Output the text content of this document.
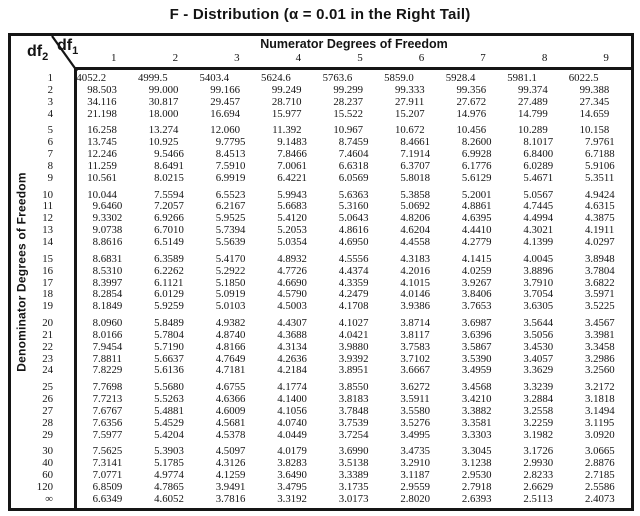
F - Distribution (α = 0.01 in the Right Tail)
Denominator Degrees of Freedom
$df_2$
$df_1$
Numerator Degrees of Freedom
1	2	3	4	5	6	7	8	9
1	4052 .2	4999 .5	5403 .4	5624 .6	5763 .6	5859 .0	5928 .4	5981 .1	6022 .5
2	98 .503	99 .000	99 .166	99 .249	99 .299	99 .333	99 .356	99 .374	99 .388
3	34 .116	30 .817	29 .457	28 .710	28 .237	27 .911	27 .672	27 .489	27 .345
4	21 .198	18 .000	16 .694	15 .977	15 .522	15 .207	14 .976	14 .799	14 .659
5	16 .258	13 .274	12 .060	11 .392	10 .967	10 .672	10 .456	10 .289	10 .158
6	13 .745	10 .925	9 .7795	9 .1483	8 .7459	8 .4661	8 .2600	8 .1017	7 .9761
7	12 .246	9 .5466	8 .4513	7 .8466	7 .4604	7 .1914	6 .9928	6 .8400	6 .7188
8	11 .259	8 .6491	7 .5910	7 .0061	6 .6318	6 .3707	6 .1776	6 .0289	5 .9106
9	10 .561	8 .0215	6 .9919	6 .4221	6 .0569	5 .8018	5 .6129	5 .4671	5 .3511
10	10 .044	7 .5594	6 .5523	5 .9943	5 .6363	5 .3858	5 .2001	5 .0567	4 .9424
11	9 .6460	7 .2057	6 .2167	5 .6683	5 .3160	5 .0692	4 .8861	4 .7445	4 .6315
12	9 .3302	6 .9266	5 .9525	5 .4120	5 .0643	4 .8206	4 .6395	4 .4994	4 .3875
13	9 .0738	6 .7010	5 .7394	5 .2053	4 .8616	4 .6204	4 .4410	4 .3021	4 .1911
14	8 .8616	6 .5149	5 .5639	5 .0354	4 .6950	4 .4558	4 .2779	4 .1399	4 .0297
15	8 .6831	6 .3589	5 .4170	4 .8932	4 .5556	4 .3183	4 .1415	4 .0045	3 .8948
16	8 .5310	6 .2262	5 .2922	4 .7726	4 .4374	4 .2016	4 .0259	3 .8896	3 .7804
17	8 .3997	6 .1121	5 .1850	4 .6690	4 .3359	4 .1015	3 .9267	3 .7910	3 .6822
18	8 .2854	6 .0129	5 .0919	4 .5790	4 .2479	4 .0146	3 .8406	3 .7054	3 .5971
19	8 .1849	5 .9259	5 .0103	4 .5003	4 .1708	3 .9386	3 .7653	3 .6305	3 .5225
20	8 .0960	5 .8489	4 .9382	4 .4307	4 .1027	3 .8714	3 .6987	3 .5644	3 .4567
21	8 .0166	5 .7804	4 .8740	4 .3688	4 .0421	3 .8117	3 .6396	3 .5056	3 .3981
22	7 .9454	5 .7190	4 .8166	4 .3134	3 .9880	3 .7583	3 .5867	3 .4530	3 .3458
23	7 .8811	5 .6637	4 .7649	4 .2636	3 .9392	3 .7102	3 .5390	3 .4057	3 .2986
24	7 .8229	5 .6136	4 .7181	4 .2184	3 .8951	3 .6667	3 .4959	3 .3629	3 .2560
25	7 .7698	5 .5680	4 .6755	4 .1774	3 .8550	3 .6272	3 .4568	3 .3239	3 .2172
26	7 .7213	5 .5263	4 .6366	4 .1400	3 .8183	3 .5911	3 .4210	3 .2884	3 .1818
27	7 .6767	5 .4881	4 .6009	4 .1056	3 .7848	3 .5580	3 .3882	3 .2558	3 .1494
28	7 .6356	5 .4529	4 .5681	4 .0740	3 .7539	3 .5276	3 .3581	3 .2259	3 .1195
29	7 .5977	5 .4204	4 .5378	4 .0449	3 .7254	3 .4995	3 .3303	3 .1982	3 .0920
30	7 .5625	5 .3903	4 .5097	4 .0179	3 .6990	3 .4735	3 .3045	3 .1726	3 .0665
40	7 .3141	5 .1785	4 .3126	3 .8283	3 .5138	3 .2910	3 .1238	2 .9930	2 .8876
60	7 .0771	4 .9774	4 .1259	3 .6490	3 .3389	3 .1187	2 .9530	2 .8233	2 .7185
120	6 .8509	4 .7865	3 .9491	3 .4795	3 .1735	2 .9559	2 .7918	2 .6629	2 .5586
∞	6 .6349	4 .6052	3 .7816	3 .3192	3 .0173	2 .8020	2 .6393	2 .5113	2 .4073
